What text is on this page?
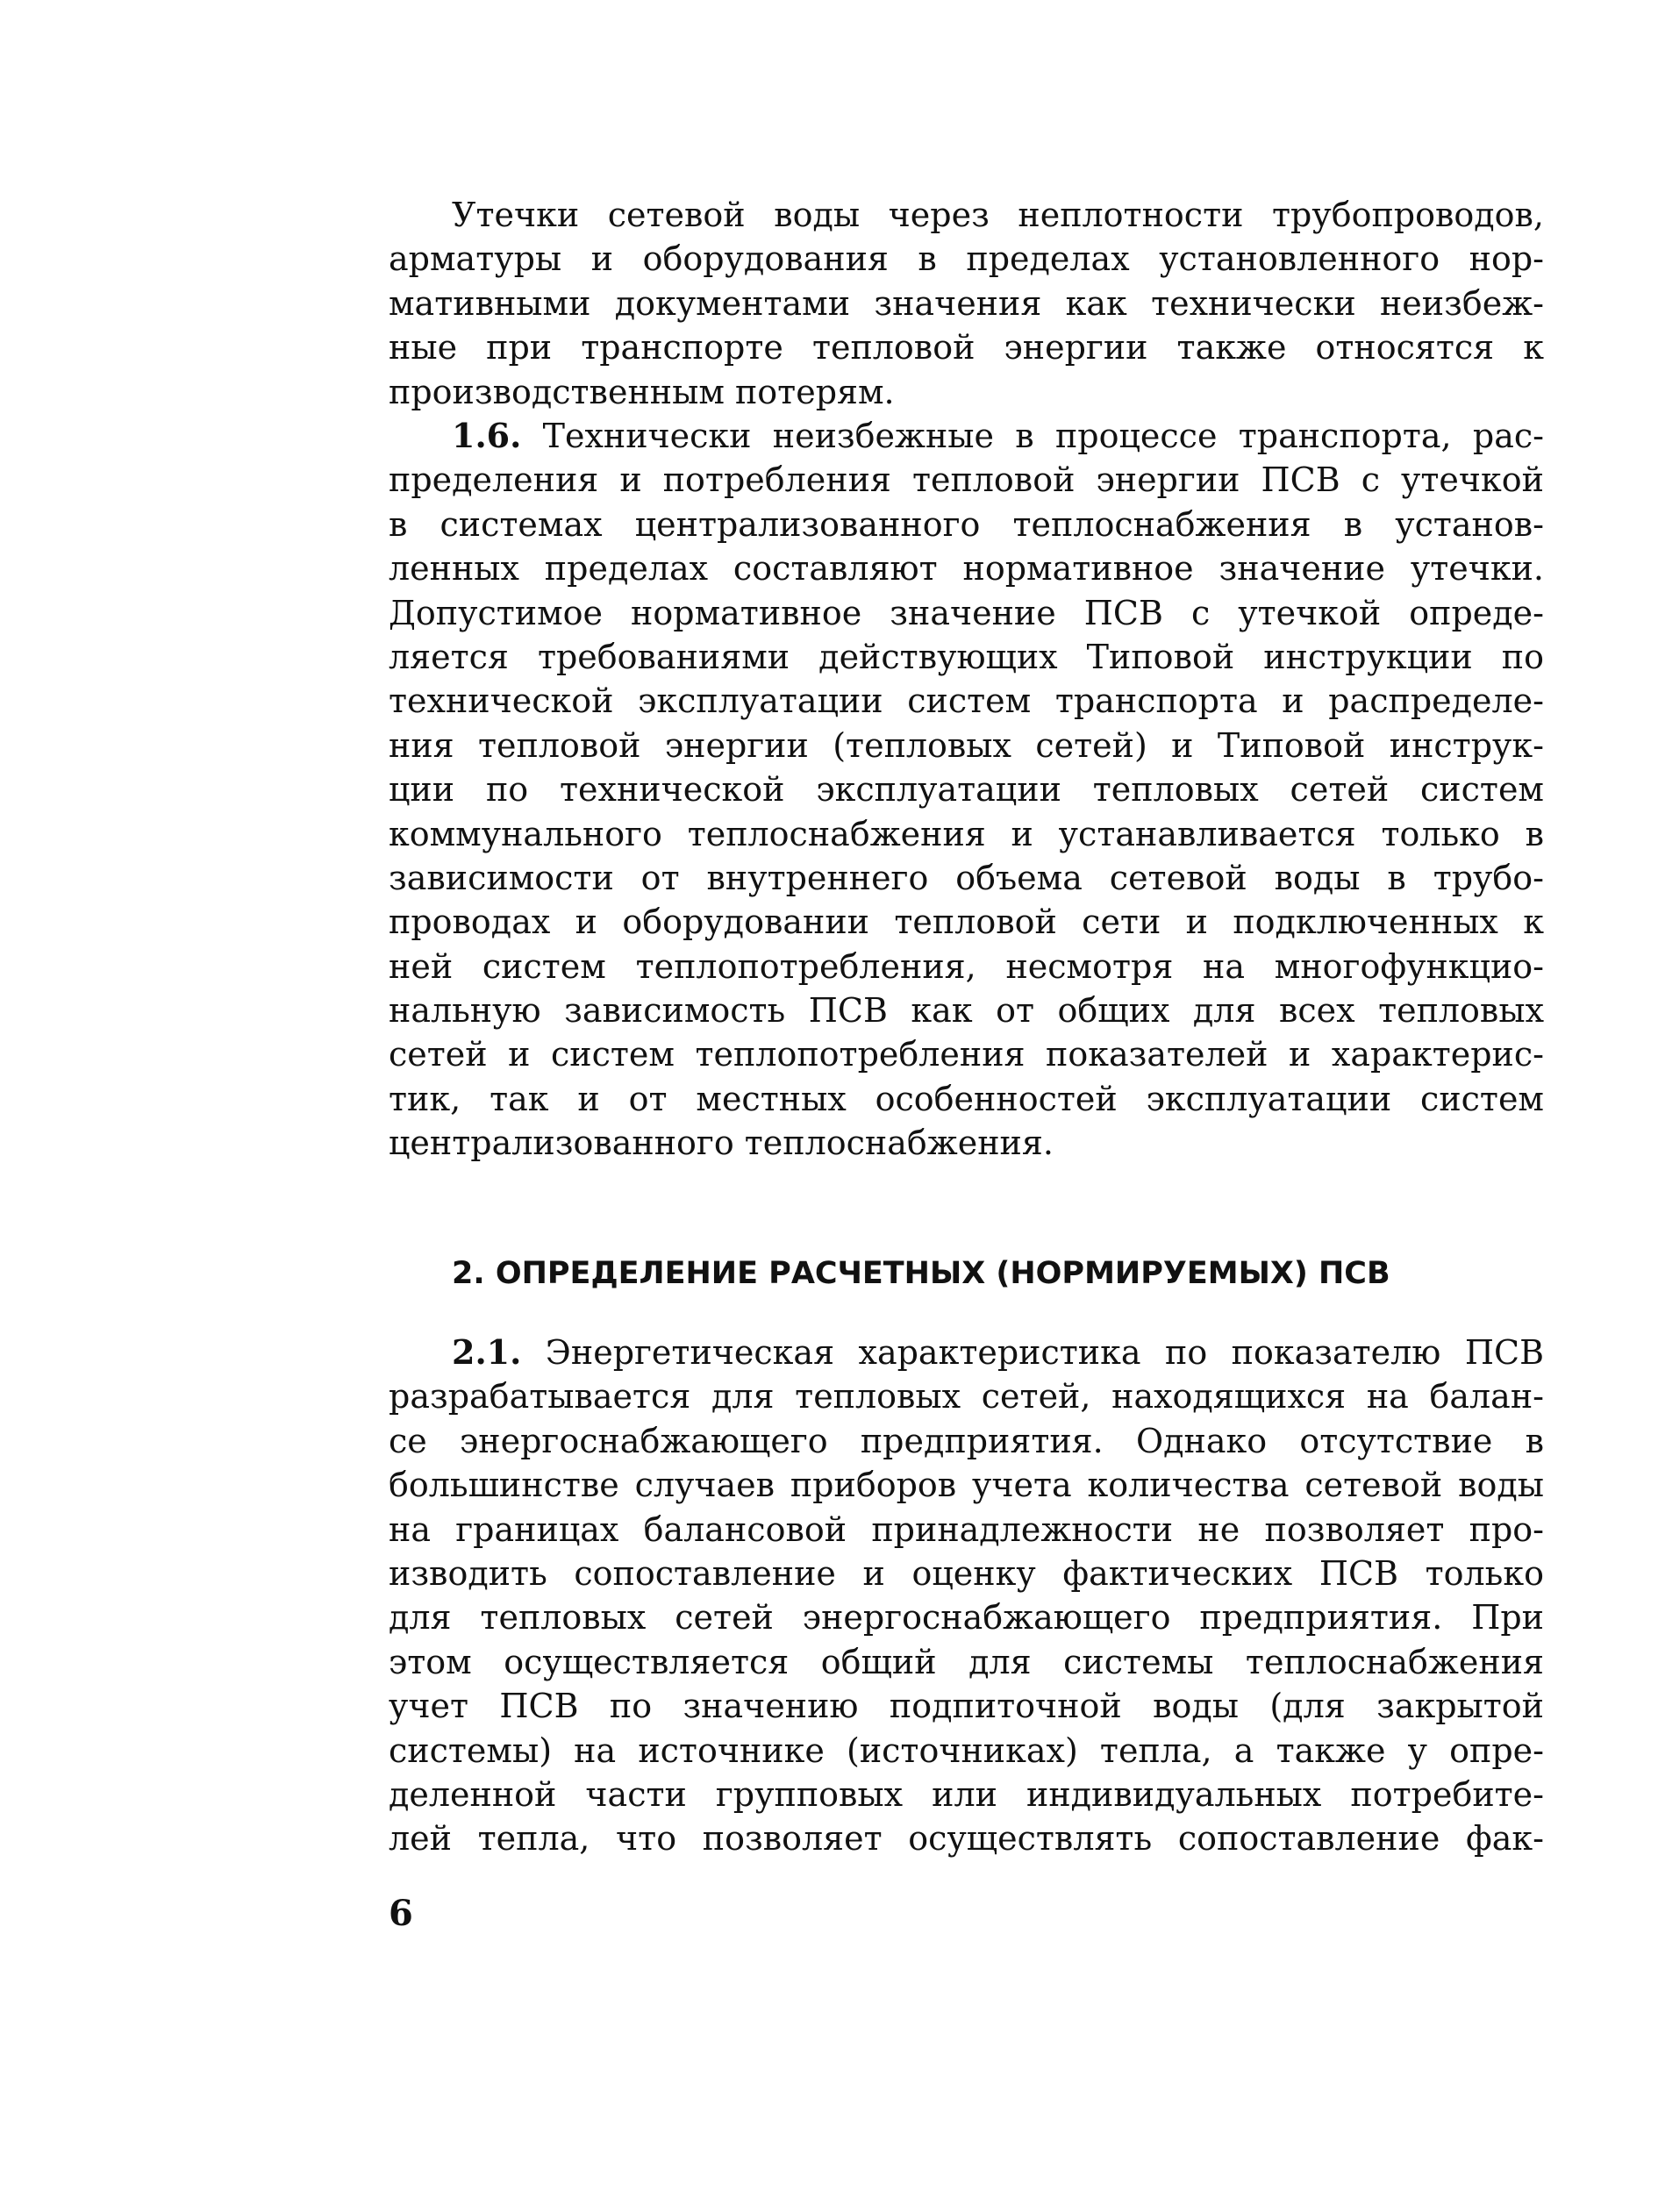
Утечки сетевой воды через неплотности трубопроводов,
арматуры и оборудования в пределах установленного нор-
мативными документами значения как технически неизбеж-
ные при транспорте тепловой энергии также относятся к
производственным потерям.
1.6. Технически неизбежные в процессе транспорта, рас-
пределения и потребления тепловой энергии ПСВ с утечкой
в системах централизованного теплоснабжения в установ-
ленных пределах составляют нормативное значение утечки.
Допустимое нормативное значение ПСВ с утечкой опреде-
ляется требованиями действующих Типовой инструкции по
технической эксплуатации систем транспорта и распределе-
ния тепловой энергии (тепловых сетей) и Типовой инструк-
ции по технической эксплуатации тепловых сетей систем
коммунального теплоснабжения и устанавливается только в
зависимости от внутреннего объема сетевой воды в трубо-
проводах и оборудовании тепловой сети и подключенных к
ней систем теплопотребления, несмотря на многофункцио-
нальную зависимость ПСВ как от общих для всех тепловых
сетей и систем теплопотребления показателей и характерис-
тик, так и от местных особенностей эксплуатации систем
централизованного теплоснабжения.
2. ОПРЕДЕЛЕНИЕ РАСЧЕТНЫХ (НОРМИРУЕМЫХ) ПСВ
2.1. Энергетическая характеристика по показателю ПСВ
разрабатывается для тепловых сетей, находящихся на балан-
се энергоснабжающего предприятия. Однако отсутствие в
большинстве случаев приборов учета количества сетевой воды
на границах балансовой принадлежности не позволяет про-
изводить сопоставление и оценку фактических ПСВ только
для тепловых сетей энергоснабжающего предприятия. При
этом осуществляется общий для системы теплоснабжения
учет ПСВ по значению подпиточной воды (для закрытой
системы) на источнике (источниках) тепла, а также у опре-
деленной части групповых или индивидуальных потребите-
лей тепла, что позволяет осуществлять сопоставление фак-
6
